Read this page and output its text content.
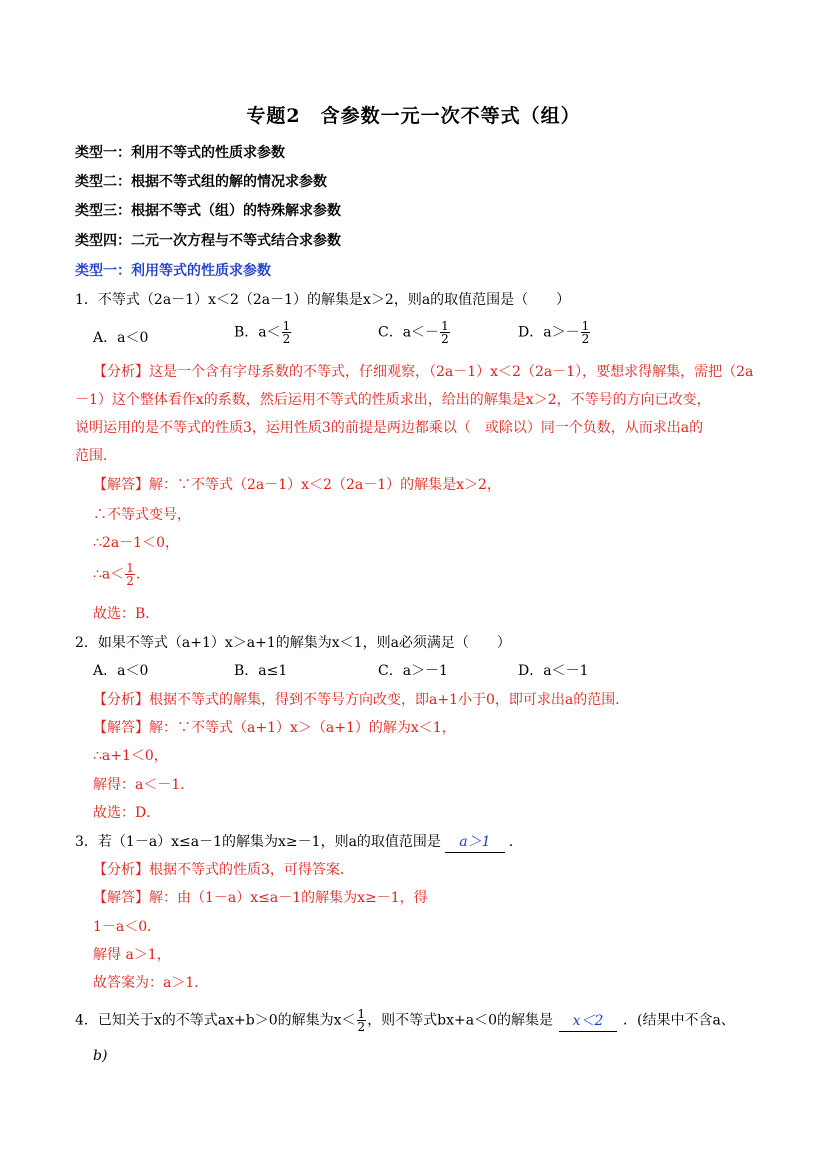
专题2　含参数一元一次不等式（组）
类型一：利用不等式的性质求参数
类型二：根据不等式组的解的情况求参数
类型三：根据不等式（组）的特殊解求参数
类型四：二元一次方程与不等式结合求参数
类型一：利用等式的性质求参数
1．不等式（2a－1）x＜2（2a－1）的解集是x＞2，则a的取值范围是（　　）
A．a＜0	B．$a< \frac{1}{2}$	C．$a<- \frac{1}{2}$	D．$a>- \frac{1}{2}$
【分析】这是一个含有字母系数的不等式，仔细观察，（2a－1）x＜2（2a－1），要想求得解集，需把（2a
－1）这个整体看作x的系数，然后运用不等式的性质求出，给出的解集是x＞2，不等号的方向已改变，
说明运用的是不等式的性质3，运用性质3的前提是两边都乘以（　或除以）同一个负数，从而求出a的
范围．
【解答】解：∵不等式（2a－1）x＜2（2a－1）的解集是x＞2，
∴不等式变号，
∴2a－1＜0，
∴a＜ $\frac{1}{2}$ ．
故选：B．
2．如果不等式（a+1）x＞a+1的解集为x＜1，则a必须满足（　　）
A．a＜0	B．a≤1	C．a＞－1	D．a＜－1
【分析】根据不等式的解集，得到不等号方向改变，即a+1小于0，即可求出a的范围．
【解答】解：∵不等式（a+1）x＞（a+1）的解为x＜1，
∴a+1＜0，
解得：a＜－1．
故选：D．
3．若（1－a）x≤a－1的解集为x≥－1，则a的取值范围是 a＞1 ．
【分析】根据不等式的性质3，可得答案．
【解答】解：由（1－a）x≤a－1的解集为x≥－1，得
1－a＜0．
解得 a＞1，
故答案为：a＞1．
4．已知关于x的不等式ax+b＞0的解集为$x< \frac{1}{2}$ ，则不等式bx+a＜0的解集是 x＜2 ．(结果中不含a、
b)
